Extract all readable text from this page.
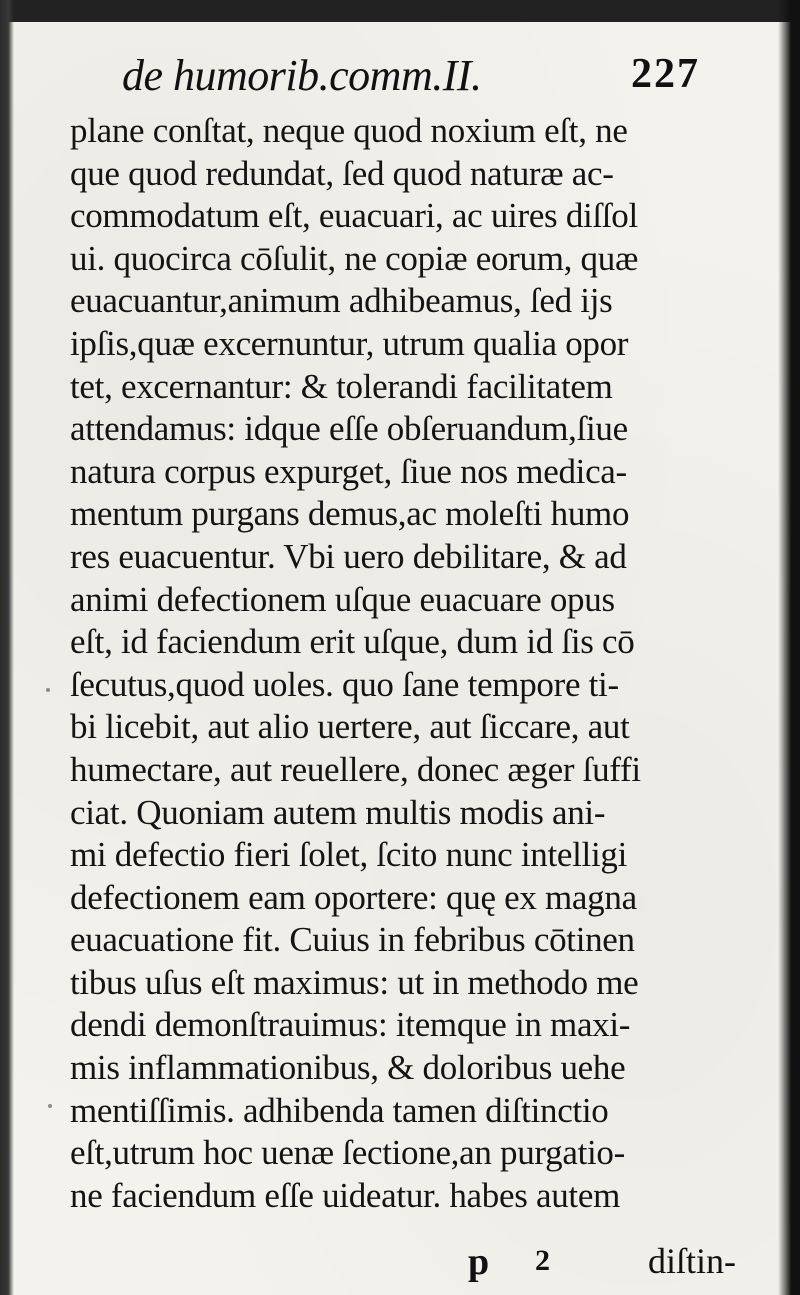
de humorib.comm.II.	227
plane conſtat, neque quod noxium eſt, ne
que quod redundat, ſed quod naturæ ac-
commodatum eſt, euacuari, ac uires diſſol
ui. quocirca cōſulit, ne copiæ eorum, quæ
euacuantur,animum adhibeamus, ſed ijs
ipſis,quæ excernuntur, utrum qualia opor
tet, excernantur: & tolerandi facilitatem
attendamus: idque eſſe obſeruandum,ſiue
natura corpus expurget, ſiue nos medica-
mentum purgans demus,ac moleſti humo
res euacuentur. Vbi uero debilitare, & ad
animi defectionem uſque euacuare opus
eſt, id faciendum erit uſque, dum id ſis cō
ſecutus,quod uoles. quo ſane tempore ti-
bi licebit, aut alio uertere, aut ſiccare, aut
humectare, aut reuellere, donec æger ſuffi
ciat. Quoniam autem multis modis ani-
mi defectio fieri ſolet, ſcito nunc intelligi
defectionem eam oportere: quę ex magna
euacuatione fit. Cuius in febribus cōtinen
tibus uſus eſt maximus: ut in methodo me
dendi demonſtrauimus: itemque in maxi-
mis inflammationibus, & doloribus uehe
mentiſſimis. adhibenda tamen diſtinctio
eſt,utrum hoc uenæ ſectione,an purgatio-
ne faciendum eſſe uideatur. habes autem
p 2	diſtin-
